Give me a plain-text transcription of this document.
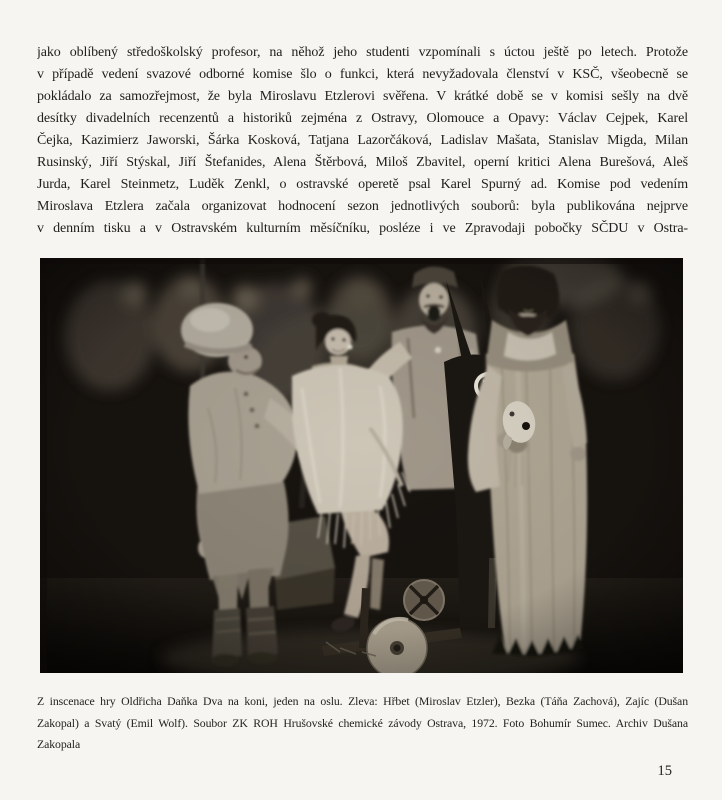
jako oblíbený středoškolský profesor, na něhož jeho studenti vzpomínali s úctou ještě po letech. Protože
v případě vedení svazové odborné komise šlo o funkci, která nevyžadovala členství v KSČ, všeobecně se
pokládalo za samozřejmost, že byla Miroslavu Etzlerovi svěřena. V krátké době se v komisi sešly na dvě
desítky divadelních recenzentů a historiků zejména z Ostravy, Olomouce a Opavy: Václav Cejpek, Karel
Čejka, Kazimierz Jaworski, Šárka Kosková, Tatjana Lazorčáková, Ladislav Mašata, Stanislav Migda, Milan
Rusinský, Jiří Stýskal, Jiří Štefanides, Alena Štěrbová, Miloš Zbavitel, operní kritici Alena Burešová, Aleš
Jurda, Karel Steinmetz, Luděk Zenkl, o ostravské operetě psal Karel Spurný ad. Komise pod vedením
Miroslava Etzlera začala organizovat hodnocení sezon jednotlivých souborů: byla publikována nejprve
v denním tisku a v Ostravském kulturním měsíčníku, posléze i ve Zpravodaji pobočky SČDU v Ostra-
Z inscenace hry Oldřicha Daňka Dva na koni, jeden na oslu. Zleva: Hřbet (Miroslav Etzler), Bezka (Táňa Zachová), Zajíc (Dušan
Zakopal) a Svatý (Emil Wolf). Soubor ZK ROH Hrušovské chemické závody Ostrava, 1972. Foto Bohumír Sumec. Archiv Dušana
Zakopala
15
